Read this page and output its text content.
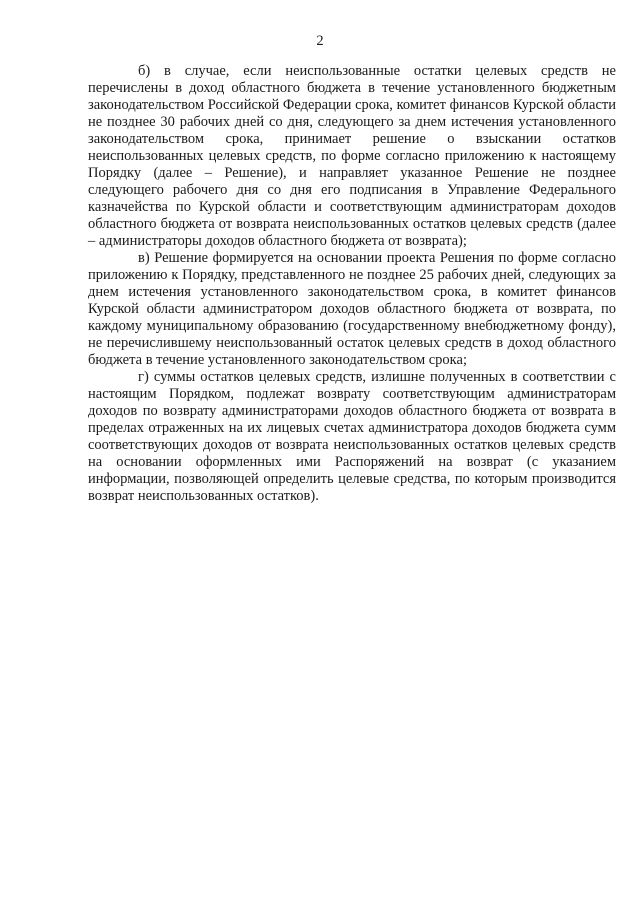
2

б) в случае, если неиспользованные остатки целевых средств не перечислены в доход областного бюджета в течение установленного бюджетным законодательством Российской Федерации срока, комитет финансов Курской области не позднее 30 рабочих дней со дня, следующего за днем истечения установленного законодательством срока, принимает решение о взыскании остатков неиспользованных целевых средств, по форме согласно приложению к настоящему Порядку (далее – Решение), и направляет указанное Решение не позднее следующего рабочего дня со дня его подписания в Управление Федерального казначейства по Курской области и соответствующим администраторам доходов областного бюджета от возврата неиспользованных остатков целевых средств (далее – администраторы доходов областного бюджета от возврата);

в) Решение формируется на основании проекта Решения по форме согласно приложению к Порядку, представленного не позднее 25 рабочих дней, следующих за днем истечения установленного законодательством срока, в комитет финансов Курской области администратором доходов областного бюджета от возврата, по каждому муниципальному образованию (государственному внебюджетному фонду), не перечислившему неиспользованный остаток целевых средств в доход областного бюджета в течение установленного законодательством срока;

г) суммы остатков целевых средств, излишне полученных в соответствии с настоящим Порядком, подлежат возврату соответствующим администраторам доходов по возврату администраторами доходов областного бюджета от возврата в пределах отраженных на их лицевых счетах администратора доходов бюджета сумм соответствующих доходов от возврата неиспользованных остатков целевых средств на основании оформленных ими Распоряжений на возврат (с указанием информации, позволяющей определить целевые средства, по которым производится возврат неиспользованных остатков).
